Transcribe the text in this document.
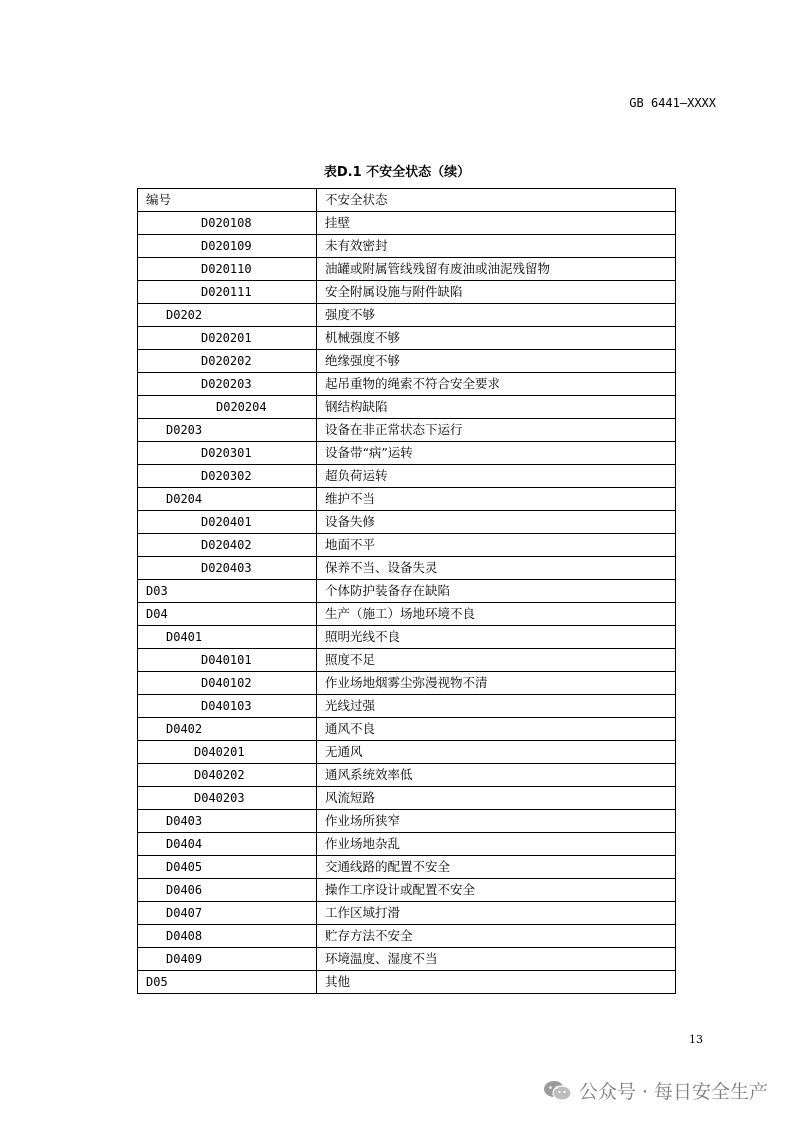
GB 6441—XXXX
表D.1 不安全状态（续）
编号	不安全状态
D020108	挂壁
D020109	未有效密封
D020110	油罐或附属管线残留有废油或油泥残留物
D020111	安全附属设施与附件缺陷
D0202	强度不够
D020201	机械强度不够
D020202	绝缘强度不够
D020203	起吊重物的绳索不符合安全要求
D020204	钢结构缺陷
D0203	设备在非正常状态下运行
D020301	设备带“病”运转
D020302	超负荷运转
D0204	维护不当
D020401	设备失修
D020402	地面不平
D020403	保养不当、设备失灵
D03	个体防护装备存在缺陷
D04	生产（施工）场地环境不良
D0401	照明光线不良
D040101	照度不足
D040102	作业场地烟雾尘弥漫视物不清
D040103	光线过强
D0402	通风不良
D040201	无通风
D040202	通风系统效率低
D040203	风流短路
D0403	作业场所狭窄
D0404	作业场地杂乱
D0405	交通线路的配置不安全
D0406	操作工序设计或配置不安全
D0407	工作区域打滑
D0408	贮存方法不安全
D0409	环境温度、湿度不当
D05	其他
13
公众号 · 每日安全生产
